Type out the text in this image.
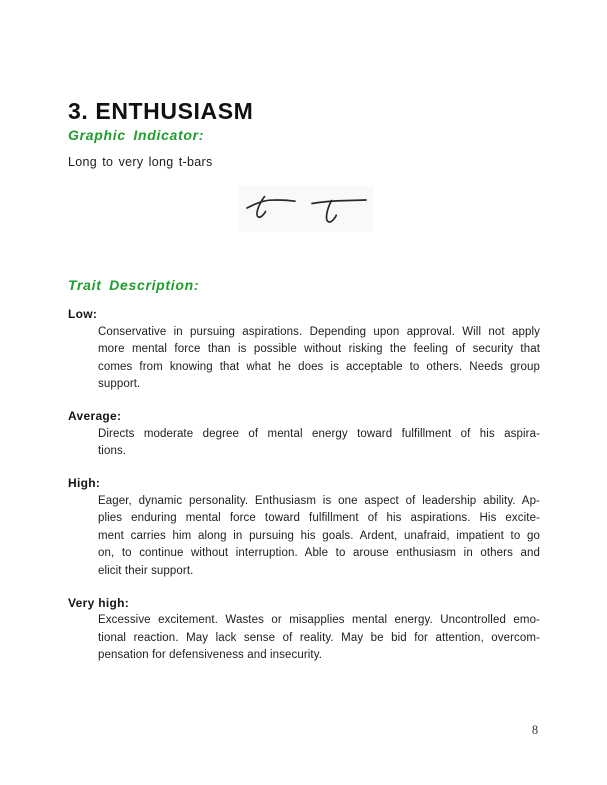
3. ENTHUSIASM
Graphic Indicator:
Long to very long t-bars
Trait Description:
Low:
Conservative in pursuing aspirations. Depending upon approval. Will not apply
more mental force than is possible without risking the feeling of security that
comes from knowing that what he does is acceptable to others. Needs group
support.
Average:
Directs moderate degree of mental energy toward fulfillment of his aspira-
tions.
High:
Eager, dynamic personality. Enthusiasm is one aspect of leadership ability. Ap-
plies enduring mental force toward fulfillment of his aspirations. His excite-
ment carries him along in pursuing his goals. Ardent, unafraid, impatient to go
on, to continue without interruption. Able to arouse enthusiasm in others and
elicit their support.
Very high:
Excessive excitement. Wastes or misapplies mental energy. Uncontrolled emo-
tional reaction. May lack sense of reality. May be bid for attention, overcom-
pensation for defensiveness and insecurity.
8
